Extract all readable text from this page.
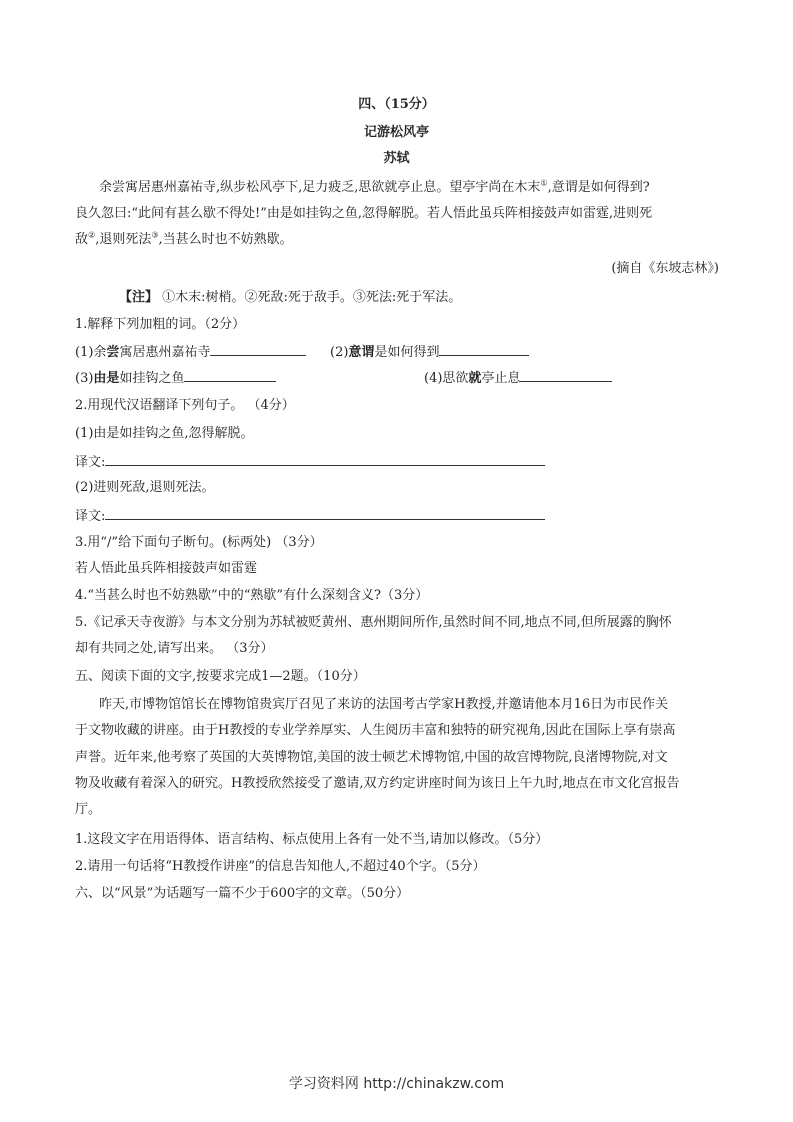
四、（15分）
记游松风亭
苏轼
余尝寓居惠州嘉祐寺,纵步松风亭下,足力疲乏,思欲就亭止息。望亭宇尚在木末①,意谓是如何得到?
良久忽曰:“此间有甚么歇不得处!”由是如挂钩之鱼,忽得解脱。若人悟此虽兵阵相接鼓声如雷霆,进则死
敌②,退则死法③,当甚么时也不妨熟歇。
(摘自《东坡志林》)
【注】 ①木末:树梢。②死敌:死于敌手。③死法:死于军法。
1.解释下列加粗的词。（2分）
(1)余尝寓居惠州嘉祐寺	(2)意谓是如何得到
(3)由是如挂钩之鱼	(4)思欲就亭止息
2.用现代汉语翻译下列句子。 （4分）
(1)由是如挂钩之鱼,忽得解脱。
译文:
(2)进则死敌,退则死法。
译文:
3.用“/”给下面句子断句。(标两处) （3分）
若人悟此虽兵阵相接鼓声如雷霆
4.“当甚么时也不妨熟歇”中的“熟歇”有什么深刻含义?（3分）
5.《记承天寺夜游》与本文分别为苏轼被贬黄州、惠州期间所作,虽然时间不同,地点不同,但所展露的胸怀
却有共同之处,请写出来。 （3分）
五、阅读下面的文字,按要求完成1—2题。（10分）
昨天,市博物馆馆长在博物馆贵宾厅召见了来访的法国考古学家H教授,并邀请他本月16日为市民作关
于文物收藏的讲座。由于H教授的专业学养厚实、人生阅历丰富和独特的研究视角,因此在国际上享有崇高
声誉。近年来,他考察了英国的大英博物馆,美国的波士顿艺术博物馆,中国的故宫博物院,良渚博物院,对文
物及收藏有着深入的研究。H教授欣然接受了邀请,双方约定讲座时间为该日上午九时,地点在市文化宫报告
厅。
1.这段文字在用语得体、语言结构、标点使用上各有一处不当,请加以修改。（5分）
2.请用一句话将“H教授作讲座”的信息告知他人,不超过40个字。（5分）
六、以“风景”为话题写一篇不少于600字的文章。（50分）
学习资料网 http://chinakzw.com
